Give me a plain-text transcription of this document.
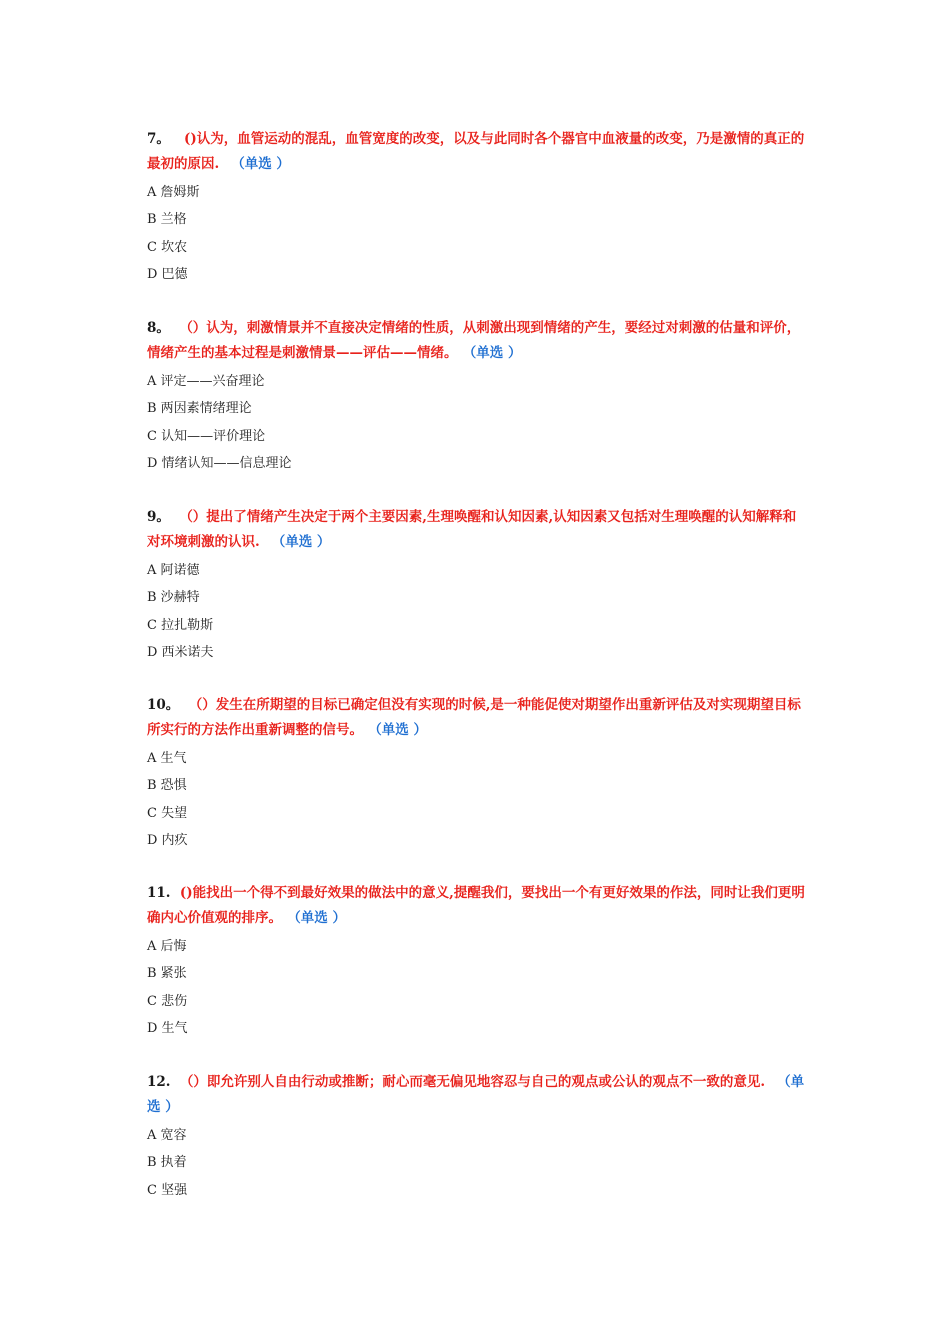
7。 ()认为，血管运动的混乱，血管宽度的改变，以及与此同时各个器官中血液量的改变，乃是激情的真正的最初的原因. （单选 ）

A 詹姆斯
B 兰格
C 坎农
D 巴德

8。 （）认为，刺激情景并不直接决定情绪的性质，从刺激出现到情绪的产生，要经过对刺激的估量和评价，情绪产生的基本过程是刺激情景——评估——情绪。 （单选 ）

A 评定——兴奋理论
B 两因素情绪理论
C 认知——评价理论
D 情绪认知——信息理论

9。 （）提出了情绪产生决定于两个主要因素,生理唤醒和认知因素,认知因素又包括对生理唤醒的认知解释和对环境刺激的认识. （单选 ）

A 阿诺德
B 沙赫特
C 拉扎勒斯
D 西米诺夫

10。 （）发生在所期望的目标已确定但没有实现的时候,是一种能促使对期望作出重新评估及对实现期望目标所实行的方法作出重新调整的信号。 （单选 ）

A 生气
B 恐惧
C 失望
D 内疚

11. ()能找出一个得不到最好效果的做法中的意义,提醒我们，要找出一个有更好效果的作法，同时让我们更明确内心价值观的排序。 （单选 ）

A 后悔
B 紧张
C 悲伤
D 生气

12. （）即允许别人自由行动或推断；耐心而毫无偏见地容忍与自己的观点或公认的观点不一致的意见. （单选 ）

A 宽容
B 执着
C 坚强
